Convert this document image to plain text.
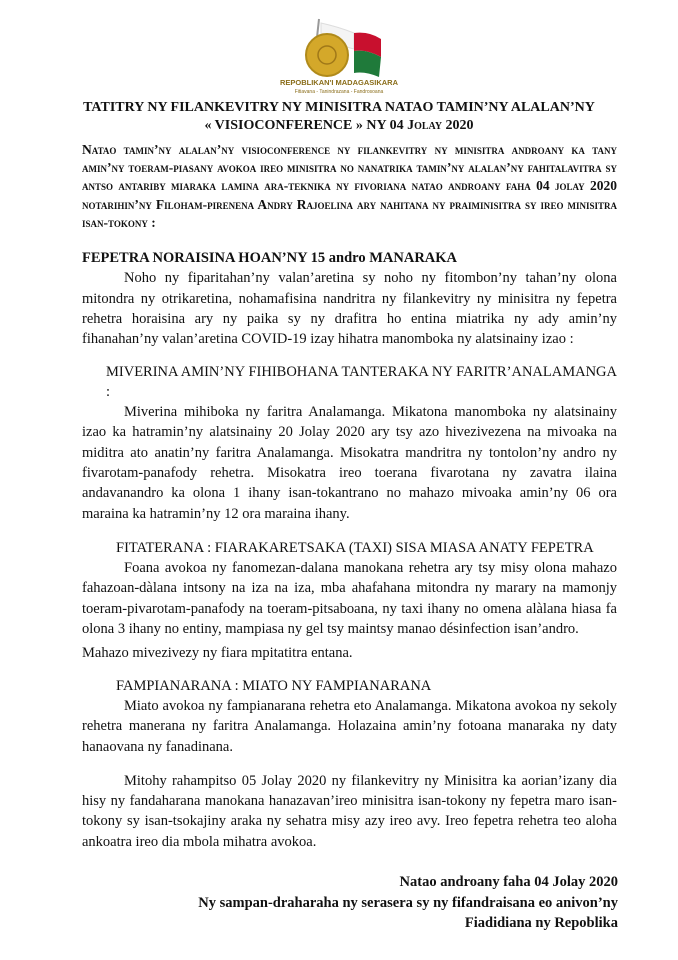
REPOBLIKAN'I MADAGASIKARA
Fitiavana - Tanindrazana - Fandrosoana
TATITRY NY FILANKEVITRY NY MINISITRA NATAO TAMIN’NY ALALAN’NY
« VISIOCONFERENCE » NY 04 Jolay 2020

Natao tamin’ny alalan’ny visioconference ny filankevitry ny minisitra androany ka tany amin’ny toeram-piasany avokoa ireo minisitra no nanatrika tamin’ny alalan’ny fahitalavitra sy antso antariby miaraka lamina ara-teknika ny fivoriana natao androany faha 04 jolay 2020 notarihin’ny Filoham-pirenena Andry Rajoelina ary nahitana ny praiminisitra sy ireo minisitra isan-tokony :

FEPETRA NORAISINA HOAN’NY 15 andro MANARAKA

Noho ny fiparitahan’ny valan’aretina sy noho ny fitombon’ny tahan’ny olona mitondra ny otrikaretina, nohamafisina nandritra ny filankevitry ny minisitra ny fepetra rehetra horaisina ary ny paika sy ny drafitra ho entina miatrika ny ady amin’ny fihanahan’ny valan’aretina COVID-19 izay hihatra manomboka ny alatsinainy izao :

MIVERINA AMIN’NY FIHIBOHANA TANTERAKA NY FARITR’ANALAMANGA :

Miverina mihiboka ny faritra Analamanga. Mikatona manomboka ny alatsinainy izao ka hatramin’ny alatsinainy 20 Jolay 2020 ary tsy azo hivezivezena na mivoaka na miditra ato anatin’ny faritra Analamanga. Misokatra mandritra ny tontolon’ny andro ny fivarotam-panafody rehetra. Misokatra ireo toerana fivarotana ny zavatra ilaina andavanandro ka olona 1 ihany isan-tokantrano no mahazo mivoaka amin’ny 06 ora maraina ka hatramin’ny 12 ora maraina ihany.

FITATERANA : FIARAKARETSAKA (TAXI) SISA MIASA ANATY FEPETRA

Foana avokoa ny fanomezan-dalana manokana rehetra ary tsy misy olona mahazo fahazoan-dàlana intsony na iza na iza, mba ahafahana mitondra ny marary na mamonjy toeram-pivarotam-panafody na toeram-pitsaboana, ny taxi ihany no omena alàlana hiasa fa olona 3 ihany no entiny, mampiasa ny gel tsy maintsy manao désinfection isan’andro.

Mahazo mivezivezy ny fiara mpitatitra entana.

FAMPIANARANA : MIATO NY FAMPIANARANA

Miato avokoa ny fampianarana rehetra eto Analamanga. Mikatona avokoa ny sekoly rehetra manerana ny faritra Analamanga. Holazaina amin’ny fotoana manaraka ny daty hanaovana ny fanadinana.

Mitohy rahampitso 05 Jolay 2020 ny filankevitry ny Minisitra ka aorian’izany dia hisy ny fandaharana manokana hanazavan’ireo minisitra isan-tokony ny fepetra maro isan-tokony sy isan-tsokajiny araka ny sehatra misy azy ireo avy. Ireo fepetra rehetra teo aloha ankoatra ireo dia mbola mihatra avokoa.

Natao androany faha 04 Jolay 2020
Ny sampan-draharaha ny serasera sy ny fifandraisana eo anivon’ny
Fiadidiana ny Repoblika
